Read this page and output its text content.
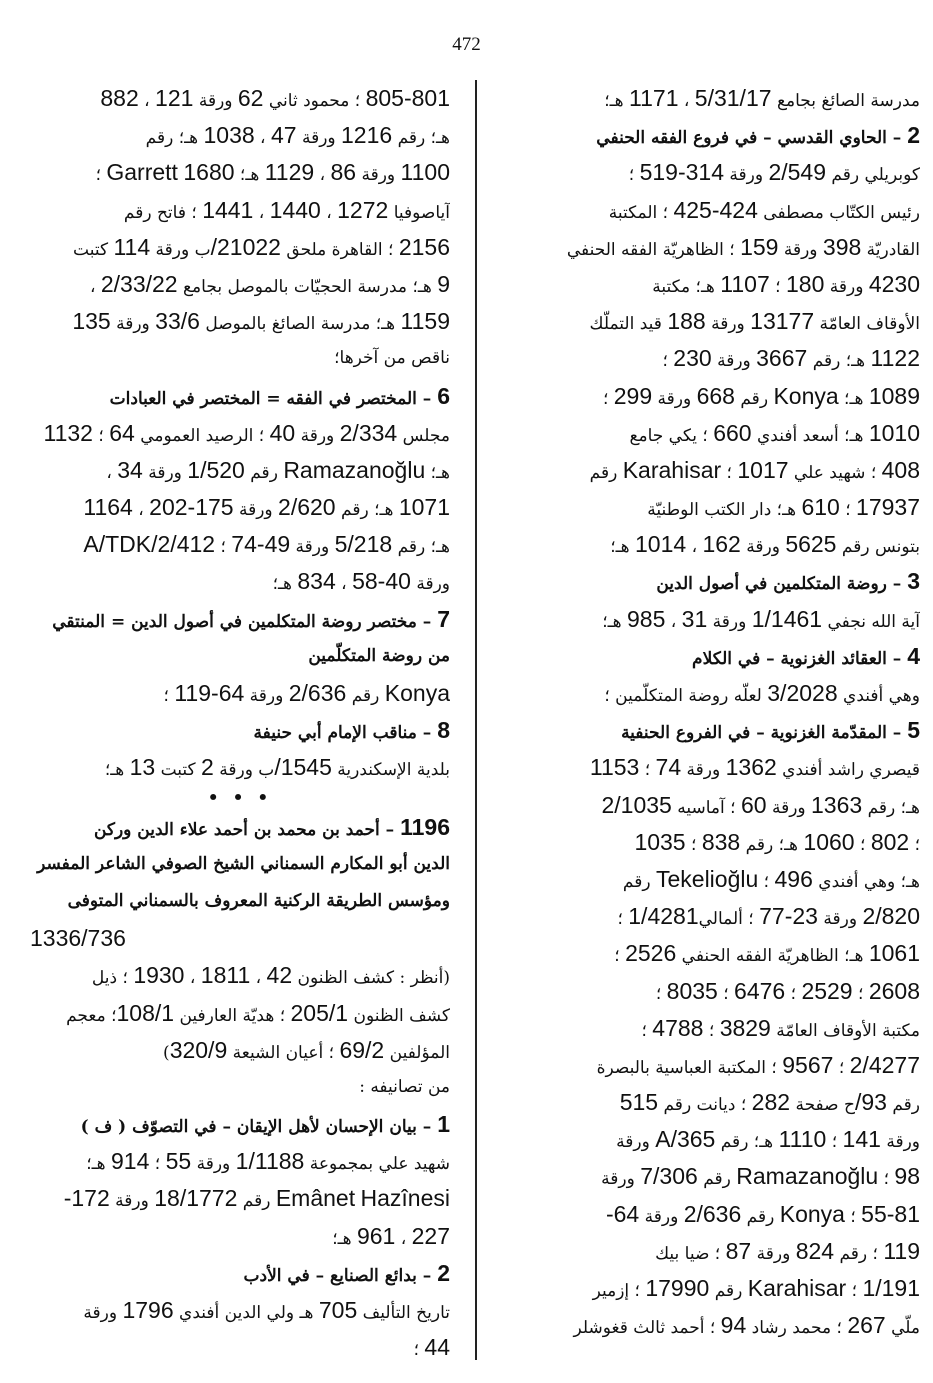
472
مدرسة الصائغ بجامع 5/31/17 ، 1171 هـ؛
2 – الحاوي القدسي – في فروع الفقه الحنفي
كوبريلي رقم 2/549 ورقة 314-519 ؛
رئيس الكتّاب مصطفى 424-425 ؛ المكتبة
القادريّة 398 ورقة 159 ؛ الظاهريّة الفقه الحنفي
4230 ورقة 180 ؛ 1107 هـ؛ مكتبة
الأوقاف العامّة 13177 ورقة 188 قيد التملّك
1122 هـ؛ رقم 3667 ورقة 230 ؛
1089 هـ؛ Konya رقم 668 ورقة 299 ؛
1010 هـ؛ أسعد أفندي 660 ؛ يكي جامع
408 ؛ شهيد علي 1017 ؛ Karahisar رقم
17937 ؛ 610 هـ؛ دار الكتب الوطنيّة
بتونس رقم 5625 ورقة 162 ، 1014 هـ؛
3 – روضة المتكلمين في أصول الدين
آية الله نجفي 1/1461 ورقة 31 ، 985 هـ؛
4 – العقائد الغزنوية – في الكلام
وهي أفندي 3/2028 لعلّه روضة المتكلّمين ؛
5 – المقدّمة الغزنوية – في الفروع الحنفية
قيصري راشد أفندي 1362 ورقة 74 ؛ 1153
هـ؛ رقم 1363 ورقة 60 ؛ آماسيه 2/1035
؛ 802 ؛ 1060 هـ؛ رقم 838 ؛ 1035
هـ؛ وهي أفندي 496 ؛ Tekelioğlu رقم
2/820 ورقة 23-77 ؛ ألمالي1/4281 ؛
1061 هـ؛ الظاهريّة الفقه الحنفي 2526 ؛
2608 ؛ 2529 ؛ 6476 ؛ 8035 ؛
مكتبة الأوقاف العامّة 3829 ؛ 4788 ؛
2/4277 ؛ 9567 ؛ المكتبة العباسية بالبصرة
رقم 93/ح صفحة 282 ؛ ديانت رقم 515
ورقة 141 ؛ 1110 هـ؛ رقم 365/A ورقة
98 ؛ Ramazanoğlu رقم 7/306 ورقة
55-81 ؛ Konya رقم 2/636 ورقة 64-
119 ؛ رقم 824 ورقة 87 ؛ ضيا بيك
1/191 ؛ Karahisar رقم 17990 ؛ إزمير
ملّي 267 ؛ محمد رشاد 94 ؛ أحمد ثالث قغوشلر
805-801 ؛ محمود ثاني 62 ورقة 121 ، 882
هـ؛ رقم 1216 ورقة 47 ، 1038 هـ؛ رقم
1100 ورقة 86 ، 1129 هـ؛ Garrett 1680 ؛
آياصوفيا 1272 ، 1440 ، 1441 ؛ فاتح رقم
2156 ؛ القاهرة ملحق 21022/ب ورقة 114 كتبت
9 هـ؛ مدرسة الحجيّات بالموصل بجامع 2/33/22 ،
1159 هـ؛ مدرسة الصائغ بالموصل 33/6 ورقة 135
ناقص من آخرها؛
6 – المختصر في الفقه = المختصر في العبادات
مجلس 2/334 ورقة 40 ؛ الرصيد العمومي 64 ؛ 1132
هـ؛ Ramazanoğlu رقم 1/520 ورقة 34 ،
1071 هـ؛ رقم 2/620 ورقة 175-202 ، 1164
هـ؛ رقم 5/218 ورقة 49-74 ؛ 2/412/A/TDK
ورقة 40-58 ، 834 هـ؛
7 – مختصر روضة المتكلمين في أصول الدين = المنتقي
من روضة المتكلّمين
Konya رقم 2/636 ورقة 64-119 ؛
8 – مناقب الإمام أبي حنيفة
بلدية الإسكندرية 1545/ب ورقة 2 كتبت 13 هـ؛
• • •
1196 – أحمد بن محمد بن أحمد علاء الدين وركن
الدين أبو المكارم السمناني الشيخ الصوفي الشاعر المفسر
ومؤسس الطريقة الركنية المعروف بالسمناني المتوفى
1336/736
(أنظر : كشف الظنون 42 ، 1811 ، 1930 ؛ ذيل
كشف الظنون 205/1 ؛ هديّة العارفين 108/1؛ معجم
المؤلفين 69/2 ؛ أعيان الشيعة 320/9)
من تصانيفه :
1 – بيان الإحسان لأهل الإيقان – في التصوّف ( ف )
شهيد علي بمجموعة 1/1188 ورقة 55 ؛ 914 هـ؛
Emânet Hazînesi رقم 18/1772 ورقة 172-
227 ، 961 هـ؛
2 – بدائع الصنايع – في الأدب
تاريخ التأليف 705 هـ ولي الدين أفندي 1796 ورقة
44 ؛
